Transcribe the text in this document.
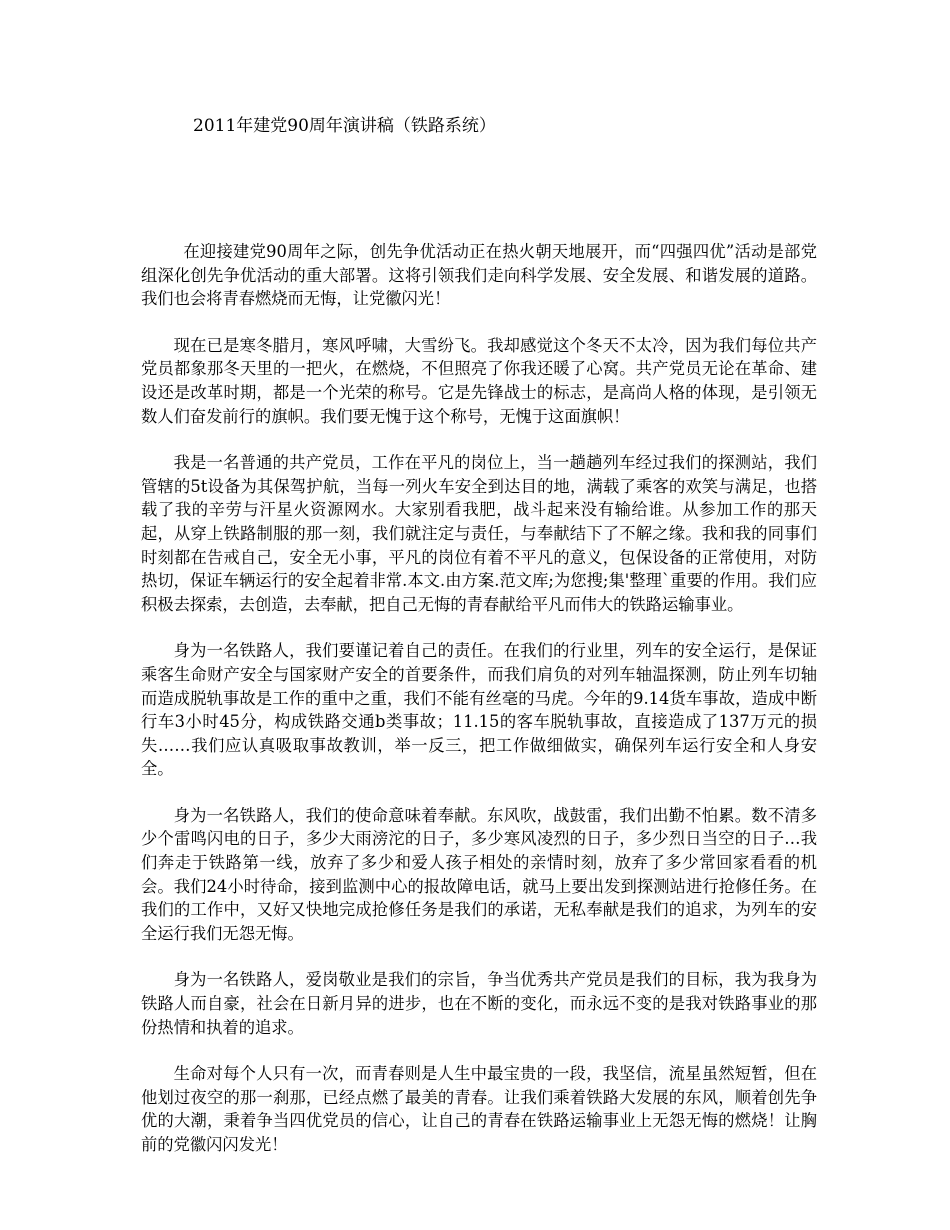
2011年建党90周年演讲稿（铁路系统）

在迎接建党90周年之际，创先争优活动正在热火朝天地展开，而“四强四优”活动是部党组深化创先争优活动的重大部署。这将引领我们走向科学发展、安全发展、和谐发展的道路。我们也会将青春燃烧而无悔，让党徽闪光！

现在已是寒冬腊月，寒风呼啸，大雪纷飞。我却感觉这个冬天不太冷，因为我们每位共产党员都象那冬天里的一把火，在燃烧，不但照亮了你我还暖了心窝。共产党员无论在革命、建设还是改革时期，都是一个光荣的称号。它是先锋战士的标志，是高尚人格的体现，是引领无数人们奋发前行的旗帜。我们要无愧于这个称号，无愧于这面旗帜！

我是一名普通的共产党员，工作在平凡的岗位上，当一趟趟列车经过我们的探测站，我们管辖的5t设备为其保驾护航，当每一列火车安全到达目的地，满载了乘客的欢笑与满足，也搭载了我的辛劳与汗星火资源网水。大家别看我肥，战斗起来没有输给谁。从参加工作的那天起，从穿上铁路制服的那一刻，我们就注定与责任，与奉献结下了不解之缘。我和我的同事们时刻都在告戒自己，安全无小事，平凡的岗位有着不平凡的意义，包保设备的正常使用，对防热切，保证车辆运行的安全起着非常.本文.由方案.范文库;为您搜;集'整理`重要的作用。我们应积极去探索，去创造，去奉献，把自己无悔的青春献给平凡而伟大的铁路运输事业。

身为一名铁路人，我们要谨记着自己的责任。在我们的行业里，列车的安全运行，是保证乘客生命财产安全与国家财产安全的首要条件，而我们肩负的对列车轴温探测，防止列车切轴而造成脱轨事故是工作的重中之重，我们不能有丝毫的马虎。今年的9.14货车事故，造成中断行车3小时45分，构成铁路交通b类事故；11.15的客车脱轨事故，直接造成了137万元的损失……我们应认真吸取事故教训，举一反三，把工作做细做实，确保列车运行安全和人身安全。

身为一名铁路人，我们的使命意味着奉献。东风吹，战鼓雷，我们出勤不怕累。数不清多少个雷鸣闪电的日子，多少大雨滂沱的日子，多少寒风凌烈的日子，多少烈日当空的日子…我们奔走于铁路第一线，放弃了多少和爱人孩子相处的亲情时刻，放弃了多少常回家看看的机会。我们24小时待命，接到监测中心的报故障电话，就马上要出发到探测站进行抢修任务。在我们的工作中，又好又快地完成抢修任务是我们的承诺，无私奉献是我们的追求，为列车的安全运行我们无怨无悔。

身为一名铁路人，爱岗敬业是我们的宗旨，争当优秀共产党员是我们的目标，我为我身为铁路人而自豪，社会在日新月异的进步，也在不断的变化，而永远不变的是我对铁路事业的那份热情和执着的追求。

生命对每个人只有一次，而青春则是人生中最宝贵的一段，我坚信，流星虽然短暂，但在他划过夜空的那一刹那，已经点燃了最美的青春。让我们乘着铁路大发展的东风，顺着创先争优的大潮，秉着争当四优党员的信心，让自己的青春在铁路运输事业上无怨无悔的燃烧！让胸前的党徽闪闪发光！
